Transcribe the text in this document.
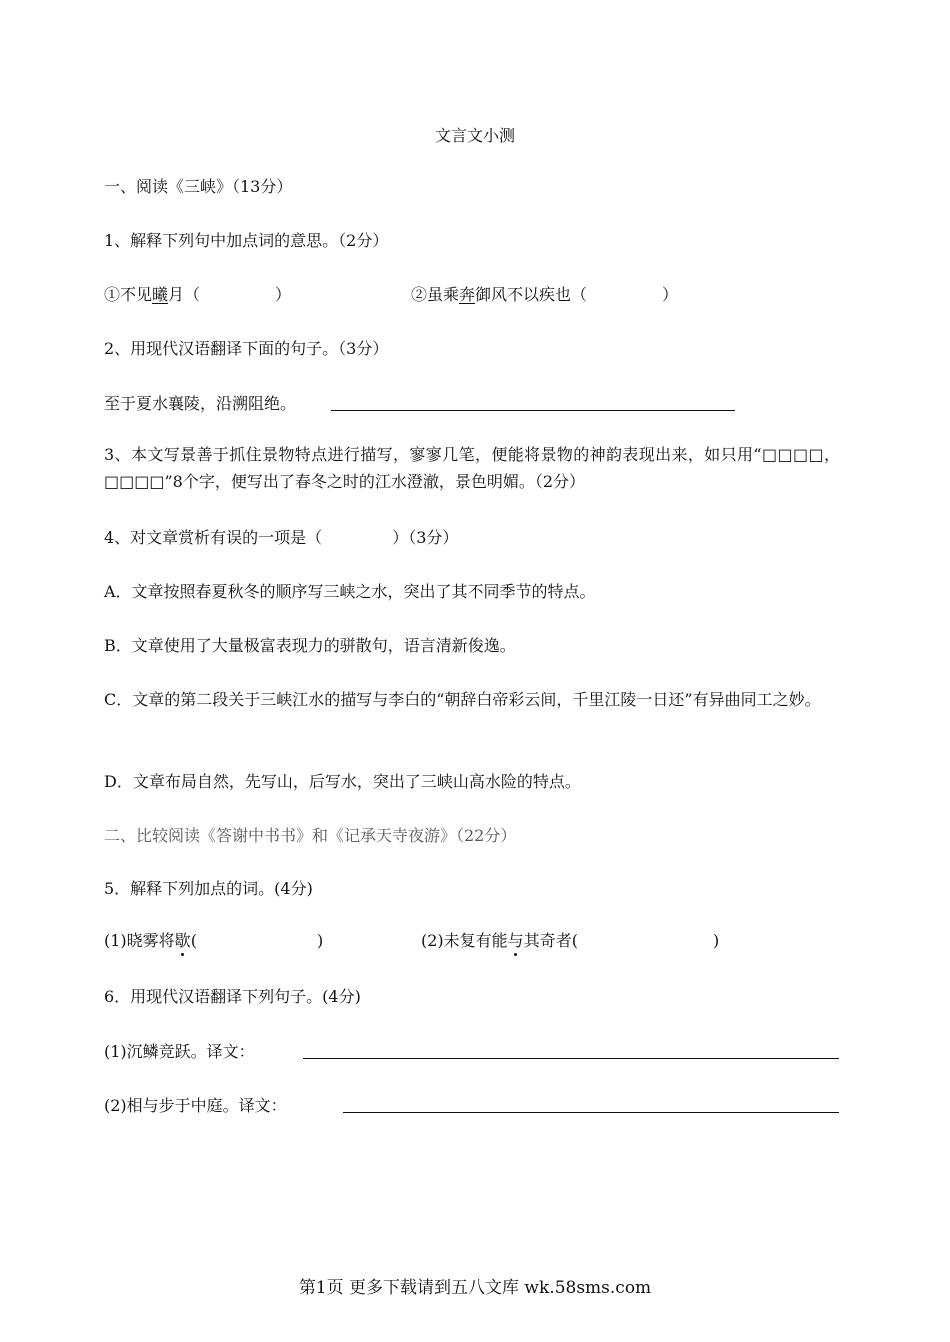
文言文小测
一、阅读《三峡》（13分）
1、解释下列句中加点词的意思。（2分）
①不见曦月（	）	②虽乘奔御风不以疾也（	）
2、用现代汉语翻译下面的句子。（3分）
至于夏水襄陵，沿溯阻绝。
3、本文写景善于抓住景物特点进行描写，寥寥几笔，便能将景物的神韵表现出来，如只用“□□□□，□□□□”8个字，便写出了春冬之时的江水澄澈，景色明媚。（2分）
4、对文章赏析有误的一项是（	）（3分）
A．文章按照春夏秋冬的顺序写三峡之水，突出了其不同季节的特点。
B．文章使用了大量极富表现力的骈散句，语言清新俊逸。
C．文章的第二段关于三峡江水的描写与李白的“朝辞白帝彩云间，千里江陵一日还”有异曲同工之妙。
D．文章布局自然，先写山，后写水，突出了三峡山高水险的特点。
二、比较阅读《答谢中书书》和《记承天寺夜游》（22分）
5．解释下列加点的词。(4分)
(1)晓雾将歇(	)	(2)未复有能与其奇者(	)
6．用现代汉语翻译下列句子。(4分)
(1)沉鳞竞跃。译文：
(2)相与步于中庭。译文：
第1页 更多下载请到五八文库 wk.58sms.com
